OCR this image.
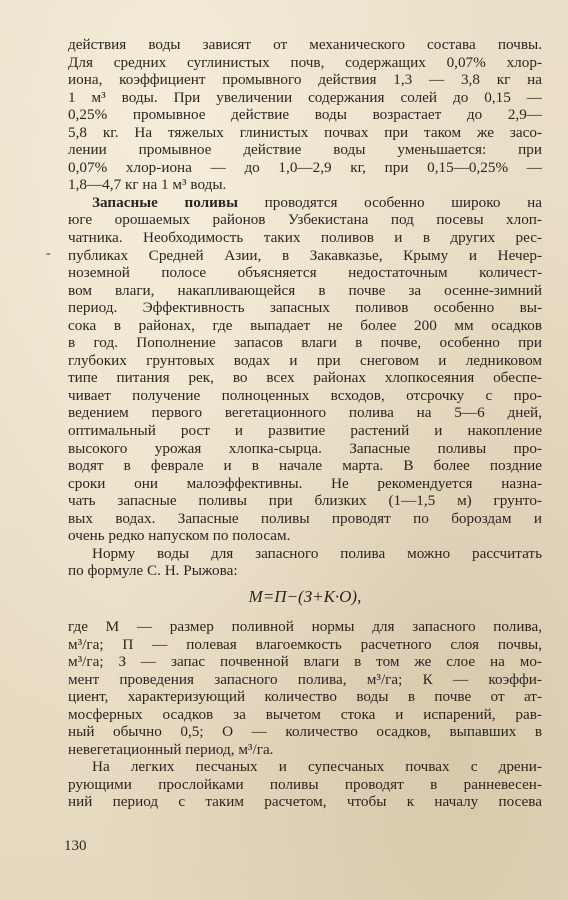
-

действия воды зависят от механического состава почвы.
Для средних суглинистых почв, содержащих 0,07% хлор-
иона, коэффициент промывного действия 1,3 — 3,8 кг на
1 м³ воды. При увеличении содержания солей до 0,15 —
0,25% промывное действие воды возрастает до 2,9—
5,8 кг. На тяжелых глинистых почвах при таком же засо-
лении промывное действие воды уменьшается: при
0,07% хлор-иона — до 1,0—2,9 кг, при 0,15—0,25% —
1,8—4,7 кг на 1 м³ воды.

Запасные поливы проводятся особенно широко на
юге орошаемых районов Узбекистана под посевы хлоп-
чатника. Необходимость таких поливов и в других рес-
публиках Средней Азии, в Закавказье, Крыму и Нечер-
ноземной полосе объясняется недостаточным количест-
вом влаги, накапливающейся в почве за осенне-зимний
период. Эффективность запасных поливов особенно вы-
сока в районах, где выпадает не более 200 мм осадков
в год. Пополнение запасов влаги в почве, особенно при
глубоких грунтовых водах и при снеговом и ледниковом
типе питания рек, во всех районах хлопкосеяния обеспе-
чивает получение полноценных всходов, отсрочку с про-
ведением первого вегетационного полива на 5—6 дней,
оптимальный рост и развитие растений и накопление
высокого урожая хлопка-сырца. Запасные поливы про-
водят в феврале и в начале марта. В более поздние
сроки они малоэффективны. Не рекомендуется назна-
чать запасные поливы при близких (1—1,5 м) грунто-
вых водах. Запасные поливы проводят по бороздам и
очень редко напуском по полосам.

Норму воды для запасного полива можно рассчитать
по формуле С. Н. Рыжова:
М=П−(З+К·О),

где М — размер поливной нормы для запасного полива,
м³/га; П — полевая влагоемкость расчетного слоя почвы,
м³/га; З — запас почвенной влаги в том же слое на мо-
мент проведения запасного полива, м³/га; К — коэффи-
циент, характеризующий количество воды в почве от ат-
мосферных осадков за вычетом стока и испарений, рав-
ный обычно 0,5; О — количество осадков, выпавших в
невегетационный период, м³/га.

На легких песчаных и супесчаных почвах с дрени-
рующими прослойками поливы проводят в ранневесен-
ний период с таким расчетом, чтобы к началу посева

130
